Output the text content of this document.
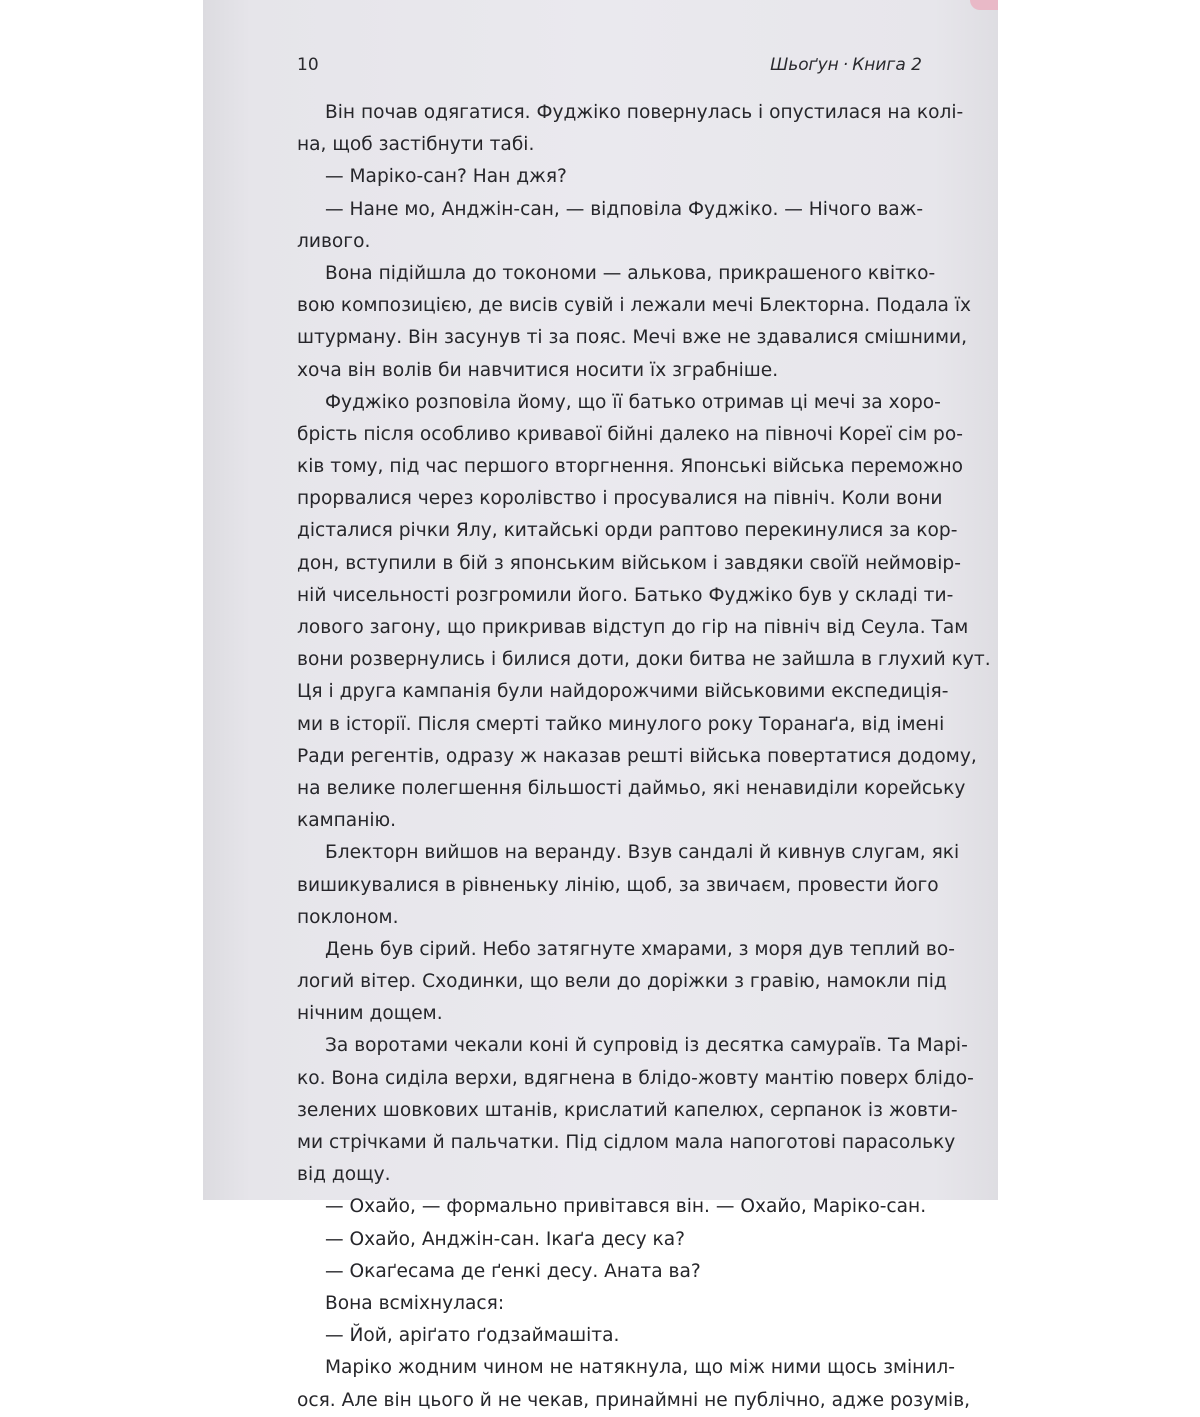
10	Шьоґун · Книга 2
Він почав одягатися. Фуджіко повернулась і опустилася на колі-
на, щоб застібнути табі.
— Маріко-сан? Нан джя?
— Нане мо, Анджін-сан, — відповіла Фуджіко. — Нічого важ-
ливого.
Вона підійшла до токономи — алькова, прикрашеного квітко-
вою композицією, де висів сувій і лежали мечі Блекторна. Подала їх
штурману. Він засунув ті за пояс. Мечі вже не здавалися смішними,
хоча він волів би навчитися носити їх зграбніше.
Фуджіко розповіла йому, що її батько отримав ці мечі за хоро-
брість після особливо кривавої бійні далеко на півночі Кореї сім ро-
ків тому, під час першого вторгнення. Японські війська переможно
прорвалися через королівство і просувалися на північ. Коли вони
дісталися річки Ялу, китайські орди раптово перекинулися за кор-
дон, вступили в бій з японським військом і завдяки своїй неймовір-
ній чисельності розгромили його. Батько Фуджіко був у складі ти-
лового загону, що прикривав відступ до гір на північ від Сеула. Там
вони розвернулись і билися доти, доки битва не зайшла в глухий кут.
Ця і друга кампанія були найдорожчими військовими експедиція-
ми в історії. Після смерті тайко минулого року Торанаґа, від імені
Ради регентів, одразу ж наказав решті війська повертатися додому,
на велике полегшення більшості даймьо, які ненавиділи корейську
кампанію.
Блекторн вийшов на веранду. Взув сандалі й кивнув слугам, які
вишикувалися в рівненьку лінію, щоб, за звичаєм, провести його
поклоном.
День був сірий. Небо затягнуте хмарами, з моря дув теплий во-
логий вітер. Сходинки, що вели до доріжки з гравію, намокли під
нічним дощем.
За воротами чекали коні й супровід із десятка самураїв. Та Марі-
ко. Вона сиділа верхи, вдягнена в блідо-жовту мантію поверх блідо-
зелених шовкових штанів, крислатий капелюх, серпанок із жовти-
ми стрічками й пальчатки. Під сідлом мала напоготові парасольку
від дощу.
— Охайо, — формально привітався він. — Охайо, Маріко-сан.
— Охайо, Анджін-сан. Ікаґа десу ка?
— Окаґесама де ґенкі десу. Аната ва?
Вона всміхнулася:
— Йой, аріґато ґодзаймашіта.
Маріко жодним чином не натякнула, що між ними щось змінил-
ося. Але він цього й не чекав, принаймні не публічно, адже розумів,
